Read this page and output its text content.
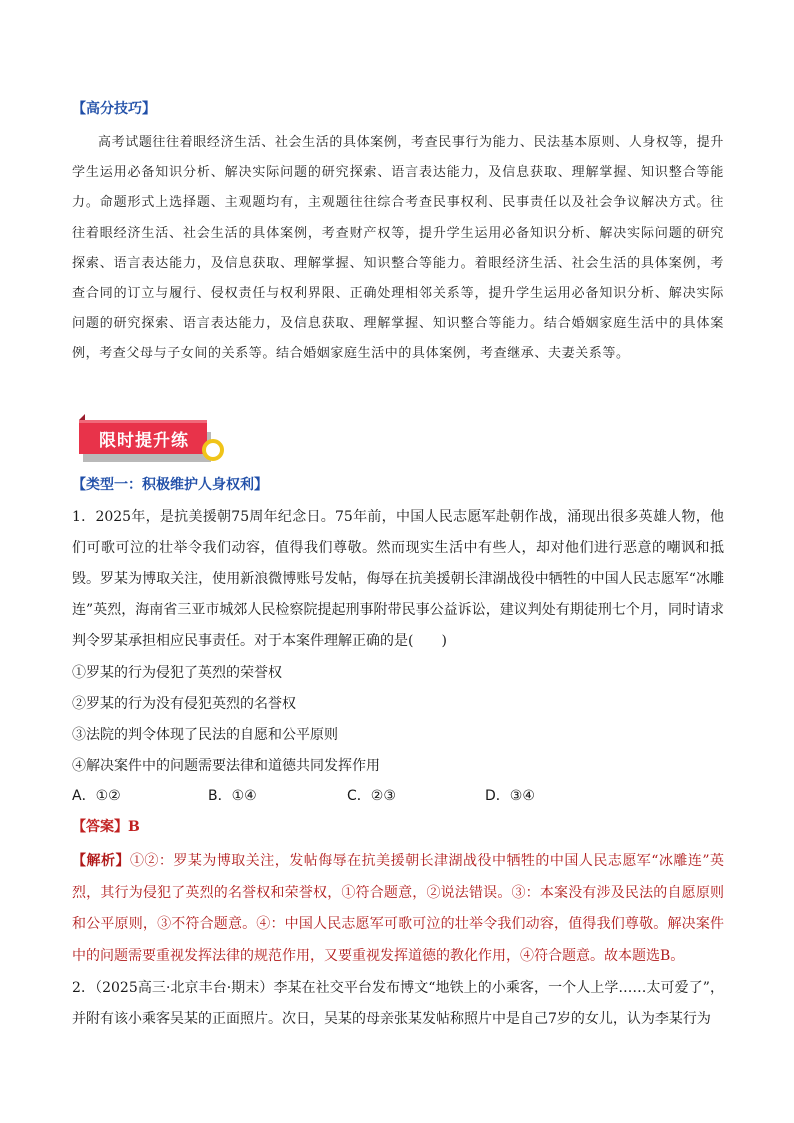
【高分技巧】
高考试题往往着眼经济生活、社会生活的具体案例，考查民事行为能力、民法基本原则、人身权等，提升学生运用必备知识分析、解决实际问题的研究探索、语言表达能力，及信息获取、理解掌握、知识整合等能力。命题形式上选择题、主观题均有，主观题往往综合考查民事权利、民事责任以及社会争议解决方式。往往着眼经济生活、社会生活的具体案例，考查财产权等，提升学生运用必备知识分析、解决实际问题的研究探索、语言表达能力，及信息获取、理解掌握、知识整合等能力。着眼经济生活、社会生活的具体案例，考查合同的订立与履行、侵权责任与权利界限、正确处理相邻关系等，提升学生运用必备知识分析、解决实际问题的研究探索、语言表达能力，及信息获取、理解掌握、知识整合等能力。结合婚姻家庭生活中的具体案例，考查父母与子女间的关系等。结合婚姻家庭生活中的具体案例，考查继承、夫妻关系等。
限时提升练
【类型一：积极维护人身权利】
1．2025年，是抗美援朝75周年纪念日。75年前，中国人民志愿军赴朝作战，涌现出很多英雄人物，他们可歌可泣的壮举令我们动容，值得我们尊敬。然而现实生活中有些人，却对他们进行恶意的嘲讽和抵毁。罗某为博取关注，使用新浪微博账号发帖，侮辱在抗美援朝长津湖战役中牺牲的中国人民志愿军“冰雕连”英烈，海南省三亚市城郊人民检察院提起刑事附带民事公益诉讼，建议判处有期徒刑七个月，同时请求判令罗某承担相应民事责任。对于本案件理解正确的是(　　)
①罗某的行为侵犯了英烈的荣誉权
②罗某的行为没有侵犯英烈的名誉权
③法院的判令体现了民法的自愿和公平原则
④解决案件中的问题需要法律和道德共同发挥作用
A．①②	B．①④	C．②③	D．③④
【答案】B
【解析】①②：罗某为博取关注，发帖侮辱在抗美援朝长津湖战役中牺牲的中国人民志愿军“冰雕连”英烈，其行为侵犯了英烈的名誉权和荣誉权，①符合题意，②说法错误。③：本案没有涉及民法的自愿原则和公平原则，③不符合题意。④：中国人民志愿军可歌可泣的壮举令我们动容，值得我们尊敬。解决案件中的问题需要重视发挥法律的规范作用，又要重视发挥道德的教化作用，④符合题意。故本题选B。
2．（2025高三·北京丰台·期末）李某在社交平台发布博文“地铁上的小乘客，一个人上学……太可爱了”，并附有该小乘客吴某的正面照片。次日，吴某的母亲张某发帖称照片中是自己7岁的女儿，认为李某行为
